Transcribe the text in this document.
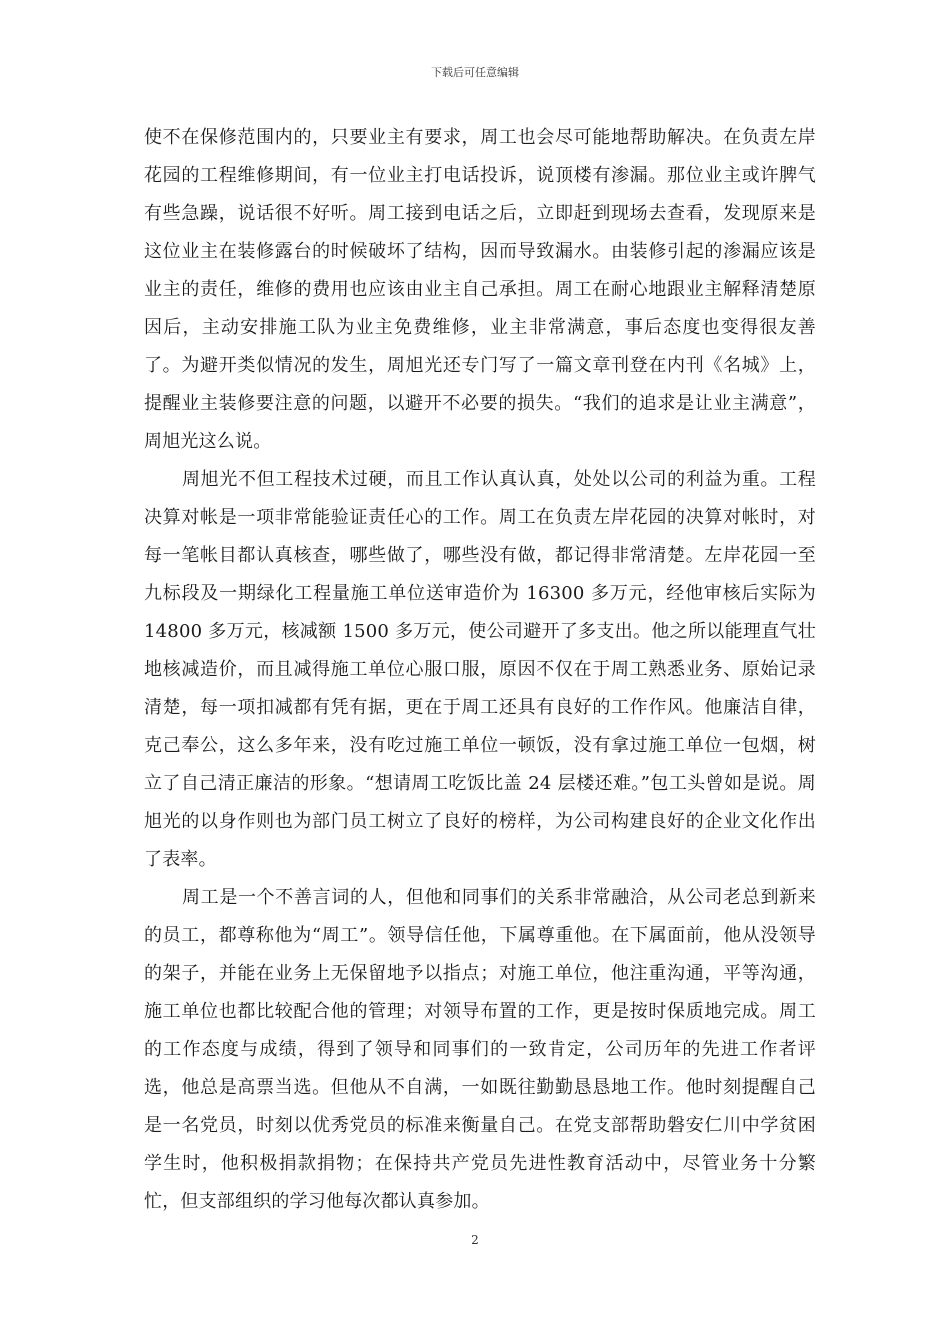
下载后可任意编辑

使不在保修范围内的，只要业主有要求，周工也会尽可能地帮助解决。在负责左岸花园的工程维修期间，有一位业主打电话投诉，说顶楼有渗漏。那位业主或许脾气有些急躁，说话很不好听。周工接到电话之后，立即赶到现场去查看，发现原来是这位业主在装修露台的时候破坏了结构，因而导致漏水。由装修引起的渗漏应该是业主的责任，维修的费用也应该由业主自己承担。周工在耐心地跟业主解释清楚原因后，主动安排施工队为业主免费维修，业主非常满意，事后态度也变得很友善了。为避开类似情况的发生，周旭光还专门写了一篇文章刊登在内刊《名城》上，提醒业主装修要注意的问题，以避开不必要的损失。“我们的追求是让业主满意”，周旭光这么说。

周旭光不但工程技术过硬，而且工作认真认真，处处以公司的利益为重。工程决算对帐是一项非常能验证责任心的工作。周工在负责左岸花园的决算对帐时，对每一笔帐目都认真核查，哪些做了，哪些没有做，都记得非常清楚。左岸花园一至九标段及一期绿化工程量施工单位送审造价为 16300 多万元，经他审核后实际为 14800 多万元，核减额 1500 多万元，使公司避开了多支出。他之所以能理直气壮地核减造价，而且减得施工单位心服口服，原因不仅在于周工熟悉业务、原始记录清楚，每一项扣减都有凭有据，更在于周工还具有良好的工作作风。他廉洁自律，克己奉公，这么多年来，没有吃过施工单位一顿饭，没有拿过施工单位一包烟，树立了自己清正廉洁的形象。“想请周工吃饭比盖 24 层楼还难。”包工头曾如是说。周旭光的以身作则也为部门员工树立了良好的榜样，为公司构建良好的企业文化作出了表率。

周工是一个不善言词的人，但他和同事们的关系非常融洽，从公司老总到新来的员工，都尊称他为“周工”。领导信任他，下属尊重他。在下属面前，他从没领导的架子，并能在业务上无保留地予以指点；对施工单位，他注重沟通，平等沟通，施工单位也都比较配合他的管理；对领导布置的工作，更是按时保质地完成。周工的工作态度与成绩，得到了领导和同事们的一致肯定，公司历年的先进工作者评选，他总是高票当选。但他从不自满，一如既往勤勤恳恳地工作。他时刻提醒自己是一名党员，时刻以优秀党员的标准来衡量自己。在党支部帮助磐安仁川中学贫困学生时，他积极捐款捐物；在保持共产党员先进性教育活动中，尽管业务十分繁忙，但支部组织的学习他每次都认真参加。

2
